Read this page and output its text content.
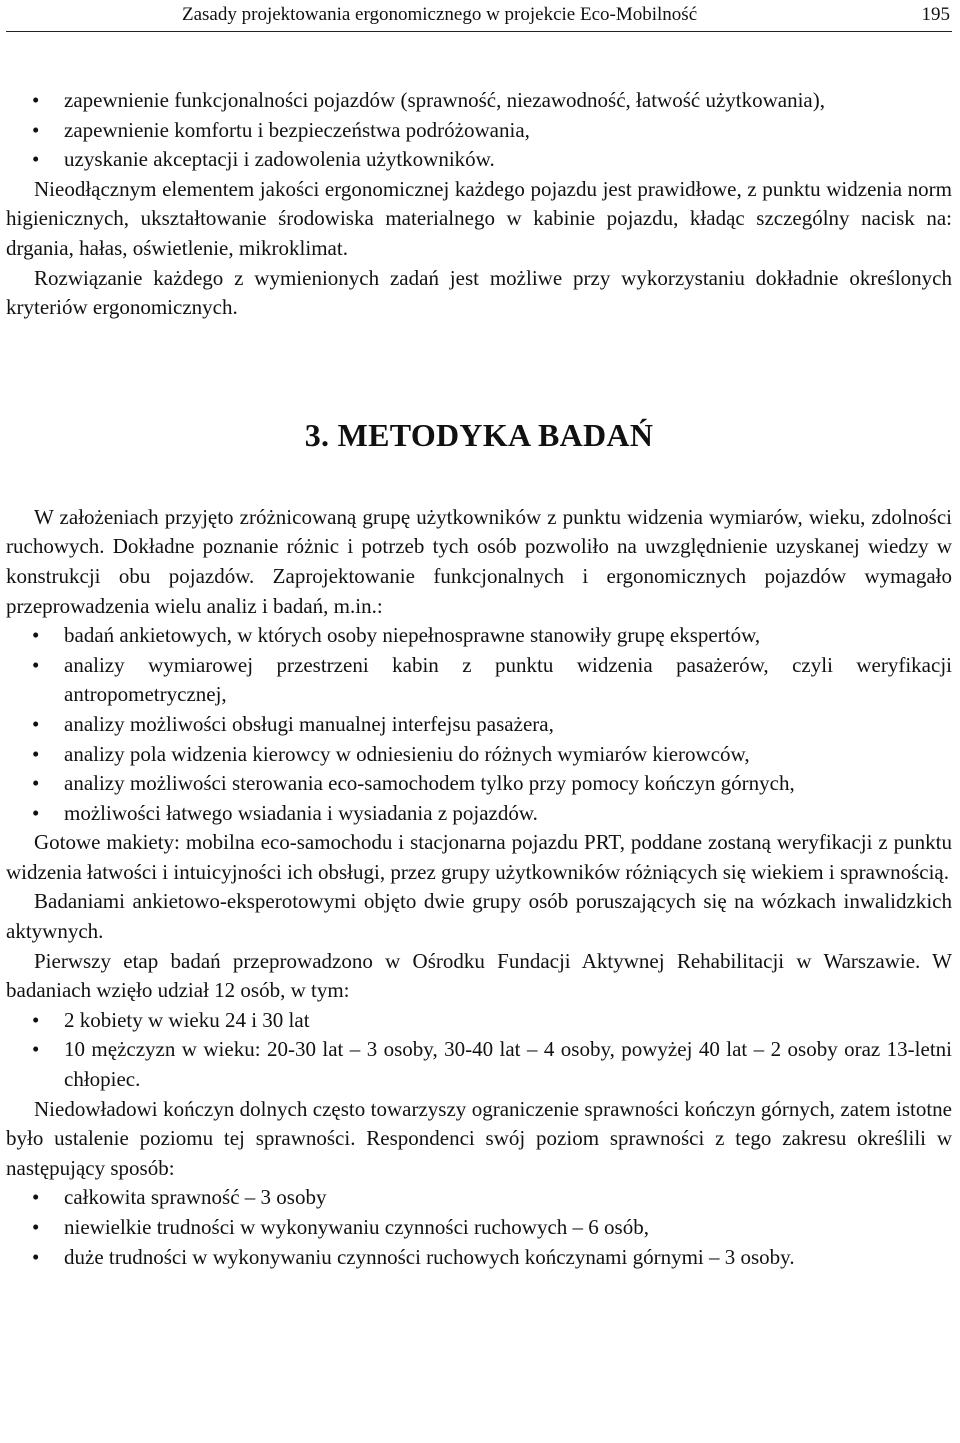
Zasady projektowania ergonomicznego w projekcie Eco-Mobilność	195
• zapewnienie funkcjonalności pojazdów (sprawność, niezawodność, łatwość użytkowania),
• zapewnienie komfortu i bezpieczeństwa podróżowania,
• uzyskanie akceptacji i zadowolenia użytkowników.

Nieodłącznym elementem jakości ergonomicznej każdego pojazdu jest prawidłowe, z punktu widzenia norm higienicznych, ukształtowanie środowiska materialnego w kabinie pojazdu, kładąc szczególny nacisk na: drgania, hałas, oświetlenie, mikroklimat.

Rozwiązanie każdego z wymienionych zadań jest możliwe przy wykorzystaniu dokładnie określonych kryteriów ergonomicznych.

3. METODYKA BADAŃ

W założeniach przyjęto zróżnicowaną grupę użytkowników z punktu widzenia wymiarów, wieku, zdolności ruchowych. Dokładne poznanie różnic i potrzeb tych osób pozwoliło na uwzględnienie uzyskanej wiedzy w konstrukcji obu pojazdów. Zaprojektowanie funkcjonalnych i ergonomicznych pojazdów wymagało przeprowadzenia wielu analiz i badań, m.in.:

• badań ankietowych, w których osoby niepełnosprawne stanowiły grupę ekspertów,
• analizy wymiarowej przestrzeni kabin z punktu widzenia pasażerów, czyli weryfikacji antropometrycznej,
• analizy możliwości obsługi manualnej interfejsu pasażera,
• analizy pola widzenia kierowcy w odniesieniu do różnych wymiarów kierowców,
• analizy możliwości sterowania eco-samochodem tylko przy pomocy kończyn górnych,
• możliwości łatwego wsiadania i wysiadania z pojazdów.

Gotowe makiety: mobilna eco-samochodu i stacjonarna pojazdu PRT, poddane zostaną weryfikacji z punktu widzenia łatwości i intuicyjności ich obsługi, przez grupy użytkowników różniących się wiekiem i sprawnością.

Badaniami ankietowo-eksperotowymi objęto dwie grupy osób poruszających się na wózkach inwalidzkich aktywnych.

Pierwszy etap badań przeprowadzono w Ośrodku Fundacji Aktywnej Rehabilitacji w Warszawie. W badaniach wzięło udział 12 osób, w tym:

• 2 kobiety w wieku 24 i 30 lat
• 10 mężczyzn w wieku: 20-30 lat – 3 osoby, 30-40 lat – 4 osoby, powyżej 40 lat – 2 osoby oraz 13-letni chłopiec.

Niedowładowi kończyn dolnych często towarzyszy ograniczenie sprawności kończyn górnych, zatem istotne było ustalenie poziomu tej sprawności. Respondenci swój poziom sprawności z tego zakresu określili w następujący sposób:

• całkowita sprawność – 3 osoby
• niewielkie trudności w wykonywaniu czynności ruchowych – 6 osób,
• duże trudności w wykonywaniu czynności ruchowych kończynami górnymi – 3 osoby.
